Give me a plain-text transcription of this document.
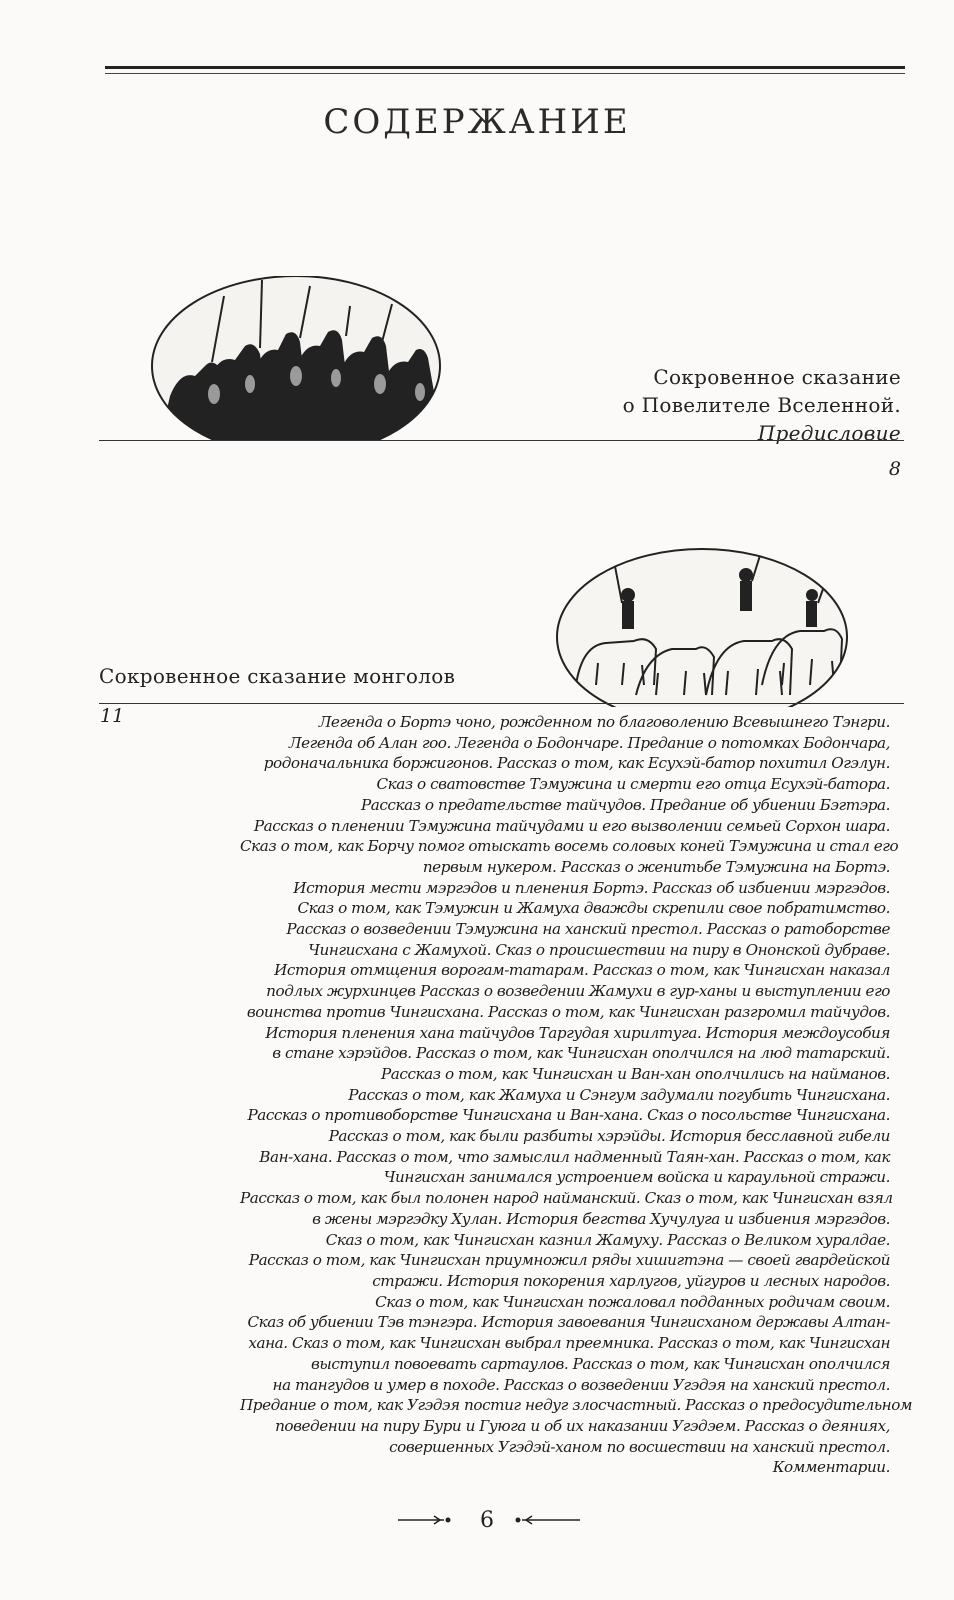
СОДЕРЖАНИЕ
Сокровенное сказание
о Повелителе Вселенной.
Предисловие
8
Сокровенное сказание монголов
11	Легенда о Бортэ чоно, рожденном по благоволению Всевышнего Тэнгри.
Легенда об Алан гоо. Легенда о Бодончаре. Предание о потомках Бодончара,
родоначальника боржигонов. Рассказ о том, как Есухэй-батор похитил Огэлун.
Сказ о сватовстве Тэмужина и смерти его отца Есухэй-батора.
Рассказ о предательстве тайчудов. Предание об убиении Бэгтэра.
Рассказ о пленении Тэмужина тайчудами и его вызволении семьей Сорхон шара.
Сказ о том, как Борчу помог отыскать восемь соловых коней Тэмужина и стал его
первым нукером. Рассказ о женитьбе Тэмужина на Бортэ.
История мести мэргэдов и пленения Бортэ. Рассказ об избиении мэргэдов.
Сказ о том, как Тэмужин и Жамуха дважды скрепили свое побратимство.
Рассказ о возведении Тэмужина на ханский престол. Рассказ о ратоборстве
Чингисхана с Жамухой. Сказ о происшествии на пиру в Ононской дубраве.
История отмщения ворогам-татарам. Рассказ о том, как Чингисхан наказал
подлых журхинцев Рассказ о возведении Жамухи в гур-ханы и выступлении его
воинства против Чингисхана. Рассказ о том, как Чингисхан разгромил тайчудов.
История пленения хана тайчудов Таргудая хирилтуга. История междоусобия
в стане хэрэйдов. Рассказ о том, как Чингисхан ополчился на люд татарский.
Рассказ о том, как Чингисхан и Ван-хан ополчились на найманов.
Рассказ о том, как Жамуха и Сэнгум задумали погубить Чингисхана.
Рассказ о противоборстве Чингисхана и Ван-хана. Сказ о посольстве Чингисхана.
Рассказ о том, как были разбиты хэрэйды. История бесславной гибели
Ван-хана. Рассказ о том, что замыслил надменный Таян-хан. Рассказ о том, как
Чингисхан занимался устроением войска и караульной стражи.
Рассказ о том, как был полонен народ найманский. Сказ о том, как Чингисхан взял
в жены мэргэдку Хулан. История бегства Хучулуга и избиения мэргэдов.
Сказ о том, как Чингисхан казнил Жамуху. Рассказ о Великом хуралдае.
Рассказ о том, как Чингисхан приумножил ряды хишигтэна — своей гвардейской
стражи. История покорения харлугов, уйгуров и лесных народов.
Сказ о том, как Чингисхан пожаловал подданных родичам своим.
Сказ об убиении Тэв тэнгэра. История завоевания Чингисханом державы Алтан-
хана. Сказ о том, как Чингисхан выбрал преемника. Рассказ о том, как Чингисхан
выступил повоевать сартаулов. Рассказ о том, как Чингисхан ополчился
на тангудов и умер в походе. Рассказ о возведении Угэдэя на ханский престол.
Предание о том, как Угэдэя постиг недуг злосчастный. Рассказ о предосудительном
поведении на пиру Бури и Гуюга и об их наказании Угэдэем. Рассказ о деяниях,
совершенных Угэдэй-ханом по восшествии на ханский престол.
Комментарии.
6
